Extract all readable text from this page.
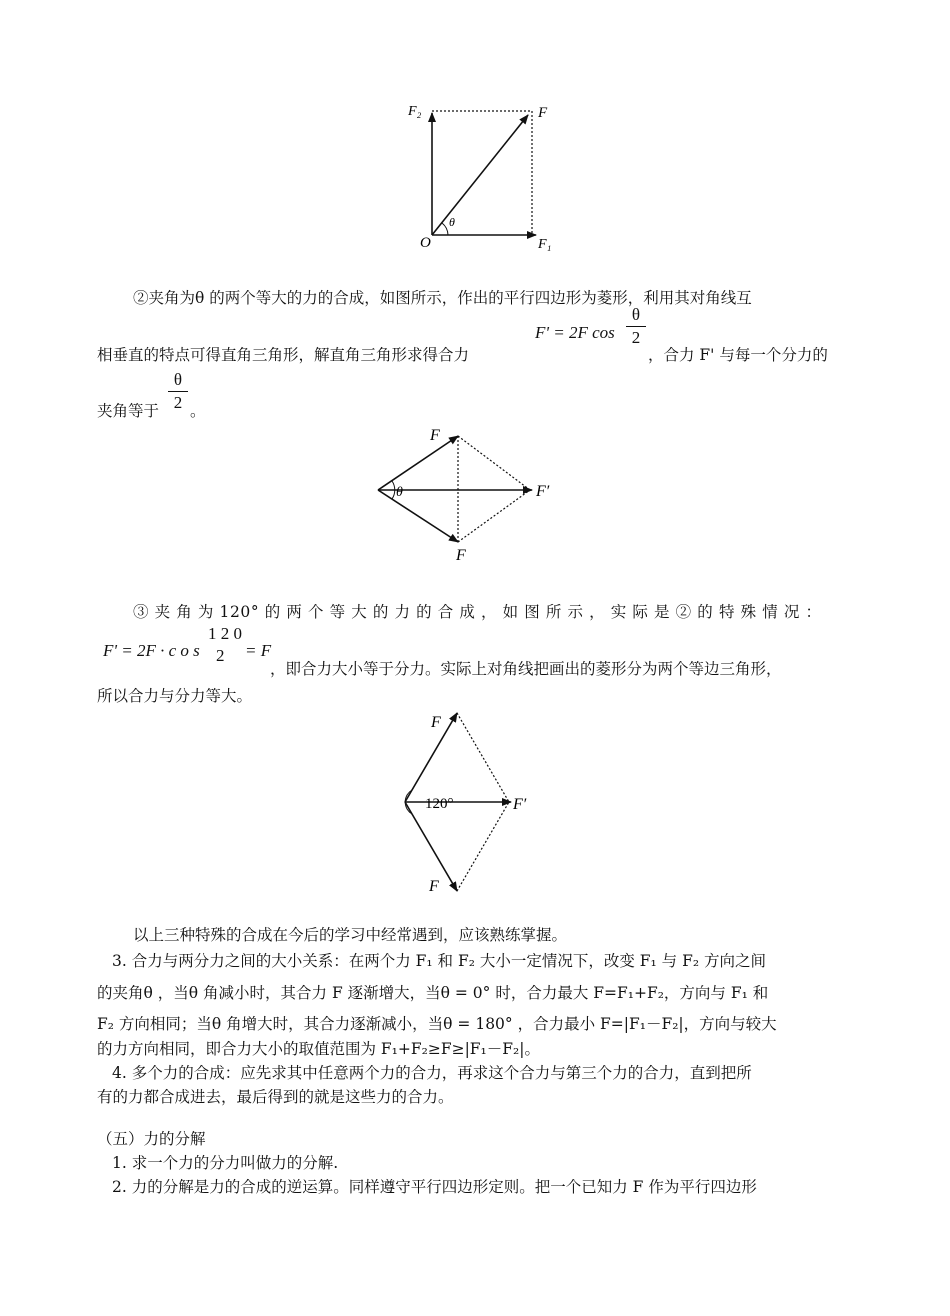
F₂	F
O	F₁
θ
②夹角为θ 的两个等大的力的合成，如图所示，作出的平行四边形为菱形，利用其对角线互
F' = 2F cos
θ
2
相垂直的特点可得直角三角形，解直角三角形求得合力	，合力 F' 与每一个分力的
θ
2
夹角等于 。
F
θ	F′
F
③ 夹 角 为 120° 的 两 个 等 大 的 力 的 合 成 ， 如 图 所 示 ， 实 际 是 ② 的 特 殊 情 况 ：
F' = 2F · c o s
1 2 0
2	= F
，即合力大小等于分力。实际上对角线把画出的菱形分为两个等边三角形，
所以合力与分力等大。
F
120°	F′
F
以上三种特殊的合成在今后的学习中经常遇到，应该熟练掌握。
3. 合力与两分力之间的大小关系：在两个力 F₁ 和 F₂ 大小一定情况下，改变 F₁ 与 F₂ 方向之间
的夹角θ ，当θ 角减小时，其合力 F 逐渐增大，当θ = 0° 时，合力最大 F=F₁+F₂，方向与 F₁ 和
F₂ 方向相同；当θ 角增大时，其合力逐渐减小，当θ = 180° ，合力最小 F=|F₁－F₂|，方向与较大
的力方向相同，即合力大小的取值范围为 F₁+F₂≥F≥|F₁－F₂|。
4. 多个力的合成：应先求其中任意两个力的合力，再求这个合力与第三个力的合力，直到把所
有的力都合成进去，最后得到的就是这些力的合力。
（五）力的分解
1. 求一个力的分力叫做力的分解.
2. 力的分解是力的合成的逆运算。同样遵守平行四边形定则。把一个已知力 F 作为平行四边形
